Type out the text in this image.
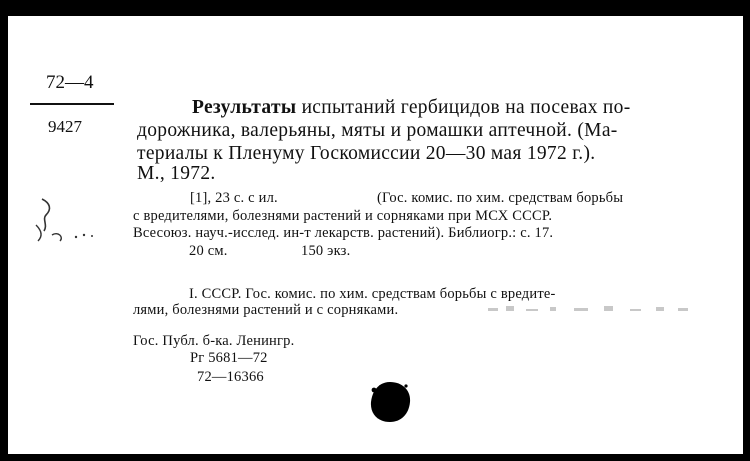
72—4
9427
Результаты испытаний гербицидов на посевах по-
дорожника, валерьяны, мяты и ромашки аптечной. (Ма-
териалы к Пленуму Госкомиссии 20—30 мая 1972 г.).
М., 1972.
[1], 23 с. с ил.	(Гос. комис. по хим. средствам борьбы
с вредителями, болезнями растений и сорняками при МСХ СССР.
Всесоюз. науч.-исслед. ин-т лекарств. растений). Библиогр.: с. 17.
20 см.	150 экз.
I. СССР. Гос. комис. по хим. средствам борьбы с вредите-
лями, болезнями растений и с сорняками.
Гос. Публ. б-ка. Ленингр.
Рг 5681—72
72—16366
